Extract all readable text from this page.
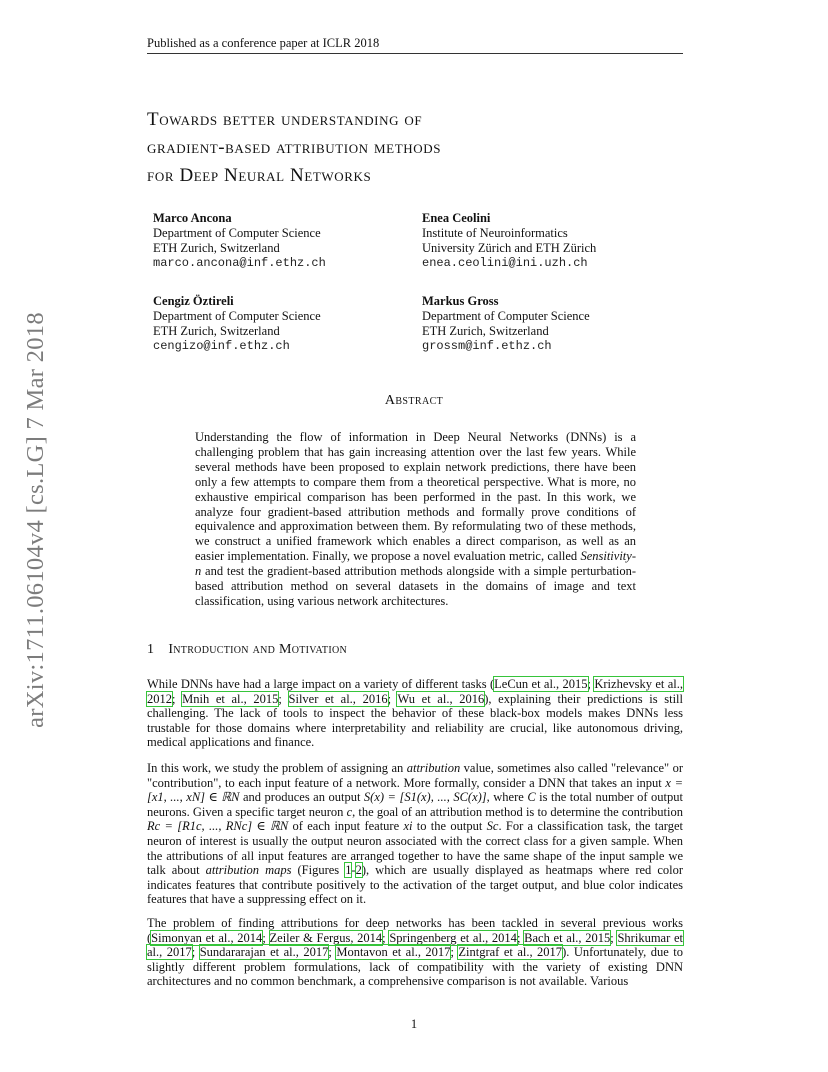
Published as a conference paper at ICLR 2018
arXiv:1711.06104v4 [cs.LG] 7 Mar 2018
Towards better understanding of
gradient-based attribution methods
for Deep Neural Networks
Marco Ancona
Department of Computer Science
ETH Zurich, Switzerland
marco.ancona@inf.ethz.ch
Enea Ceolini
Institute of Neuroinformatics
University Zürich and ETH Zürich
enea.ceolini@ini.uzh.ch
Cengiz Öztireli
Department of Computer Science
ETH Zurich, Switzerland
cengizo@inf.ethz.ch
Markus Gross
Department of Computer Science
ETH Zurich, Switzerland
grossm@inf.ethz.ch
Abstract

Understanding the flow of information in Deep Neural Networks (DNNs) is a challenging problem that has gain increasing attention over the last few years. While several methods have been proposed to explain network predictions, there have been only a few attempts to compare them from a theoretical perspective. What is more, no exhaustive empirical comparison has been performed in the past. In this work, we analyze four gradient-based attribution methods and formally prove conditions of equivalence and approximation between them. By reformulating two of these methods, we construct a unified framework which enables a direct comparison, as well as an easier implementation. Finally, we propose a novel evaluation metric, called Sensitivity-n and test the gradient-based attribution methods alongside with a simple perturbation-based attribution method on several datasets in the domains of image and text classification, using various network architectures.

1 Introduction and Motivation

While DNNs have had a large impact on a variety of different tasks (LeCun et al., 2015; Krizhevsky et al., 2012; Mnih et al., 2015; Silver et al., 2016; Wu et al., 2016), explaining their predictions is still challenging. The lack of tools to inspect the behavior of these black-box models makes DNNs less trustable for those domains where interpretability and reliability are crucial, like autonomous driving, medical applications and finance.

In this work, we study the problem of assigning an attribution value, sometimes also called "relevance" or "contribution", to each input feature of a network. More formally, consider a DNN that takes an input x = [x1, ..., xN] ∈ ℝN and produces an output S(x) = [S1(x), ..., SC(x)], where C is the total number of output neurons. Given a specific target neuron c, the goal of an attribution method is to determine the contribution Rc = [R1c, ..., RNc] ∈ ℝN of each input feature xi to the output Sc. For a classification task, the target neuron of interest is usually the output neuron associated with the correct class for a given sample. When the attributions of all input features are arranged together to have the same shape of the input sample we talk about attribution maps (Figures 1-2), which are usually displayed as heatmaps where red color indicates features that contribute positively to the activation of the target output, and blue color indicates features that have a suppressing effect on it.

The problem of finding attributions for deep networks has been tackled in several previous works (Simonyan et al., 2014; Zeiler & Fergus, 2014; Springenberg et al., 2014; Bach et al., 2015; Shrikumar et al., 2017; Sundararajan et al., 2017; Montavon et al., 2017; Zintgraf et al., 2017). Unfortunately, due to slightly different problem formulations, lack of compatibility with the variety of existing DNN architectures and no common benchmark, a comprehensive comparison is not available. Various

1
